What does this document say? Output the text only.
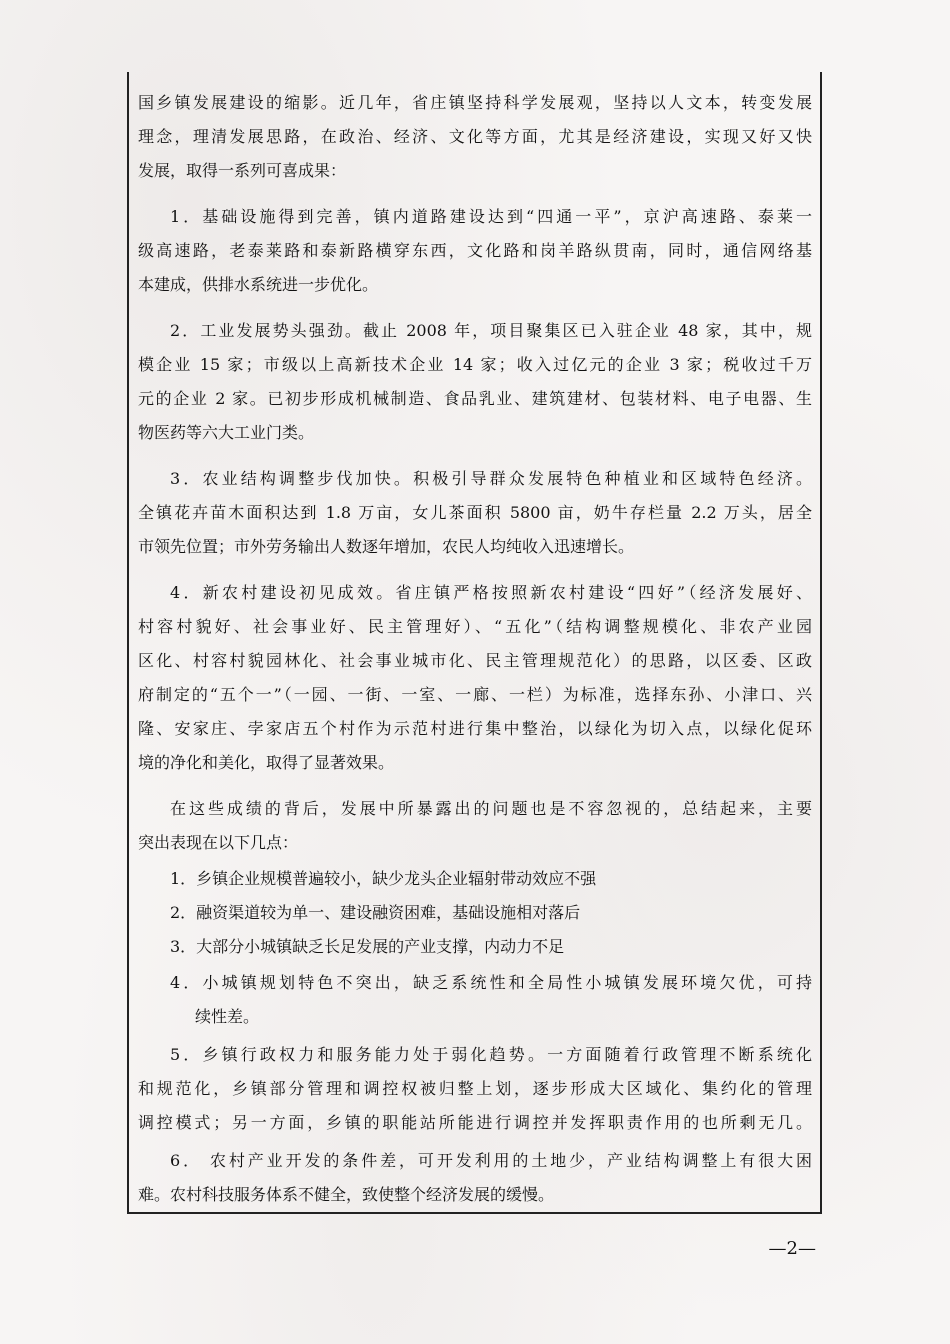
国乡镇发展建设的缩影。近几年，省庄镇坚持科学发展观，坚持以人文本，转变发展
理念，理清发展思路，在政治、经济、文化等方面，尤其是经济建设，实现又好又快
发展，取得一系列可喜成果：
1．基础设施得到完善，镇内道路建设达到“四通一平”，京沪高速路、泰莱一
级高速路，老泰莱路和泰新路横穿东西，文化路和岗羊路纵贯南，同时，通信网络基
本建成，供排水系统进一步优化。
2．工业发展势头强劲。截止 2008 年，项目聚集区已入驻企业 48 家，其中，规
模企业 15 家；市级以上高新技术企业 14 家；收入过亿元的企业 3 家；税收过千万
元的企业 2 家。已初步形成机械制造、食品乳业、建筑建材、包装材料、电子电器、生
物医药等六大工业门类。
3．农业结构调整步伐加快。积极引导群众发展特色种植业和区域特色经济。
全镇花卉苗木面积达到 1.8 万亩，女儿茶面积 5800 亩，奶牛存栏量 2.2 万头，居全
市领先位置；市外劳务输出人数逐年增加，农民人均纯收入迅速增长。
4．新农村建设初见成效。省庄镇严格按照新农村建设“四好”（经济发展好、
村容村貌好、社会事业好、民主管理好）、“五化”（结构调整规模化、非农产业园
区化、村容村貌园林化、社会事业城市化、民主管理规范化）的思路，以区委、区政
府制定的“五个一”（一园、一街、一室、一廊、一栏）为标准，选择东孙、小津口、兴
隆、安家庄、孛家店五个村作为示范村进行集中整治，以绿化为切入点，以绿化促环
境的净化和美化，取得了显著效果。
在这些成绩的背后，发展中所暴露出的问题也是不容忽视的，总结起来，主要
突出表现在以下几点：
1．乡镇企业规模普遍较小，缺少龙头企业辐射带动效应不强
2．融资渠道较为单一、建设融资困难，基础设施相对落后
3．大部分小城镇缺乏长足发展的产业支撑，内动力不足
4．小城镇规划特色不突出，缺乏系统性和全局性小城镇发展环境欠优，可持
续性差。
5．乡镇行政权力和服务能力处于弱化趋势。一方面随着行政管理不断系统化
和规范化，乡镇部分管理和调控权被归整上划，逐步形成大区域化、集约化的管理
调控模式；另一方面，乡镇的职能站所能进行调控并发挥职责作用的也所剩无几。
6． 农村产业开发的条件差，可开发利用的土地少，产业结构调整上有很大困
难。农村科技服务体系不健全，致使整个经济发展的缓慢。
—2—
